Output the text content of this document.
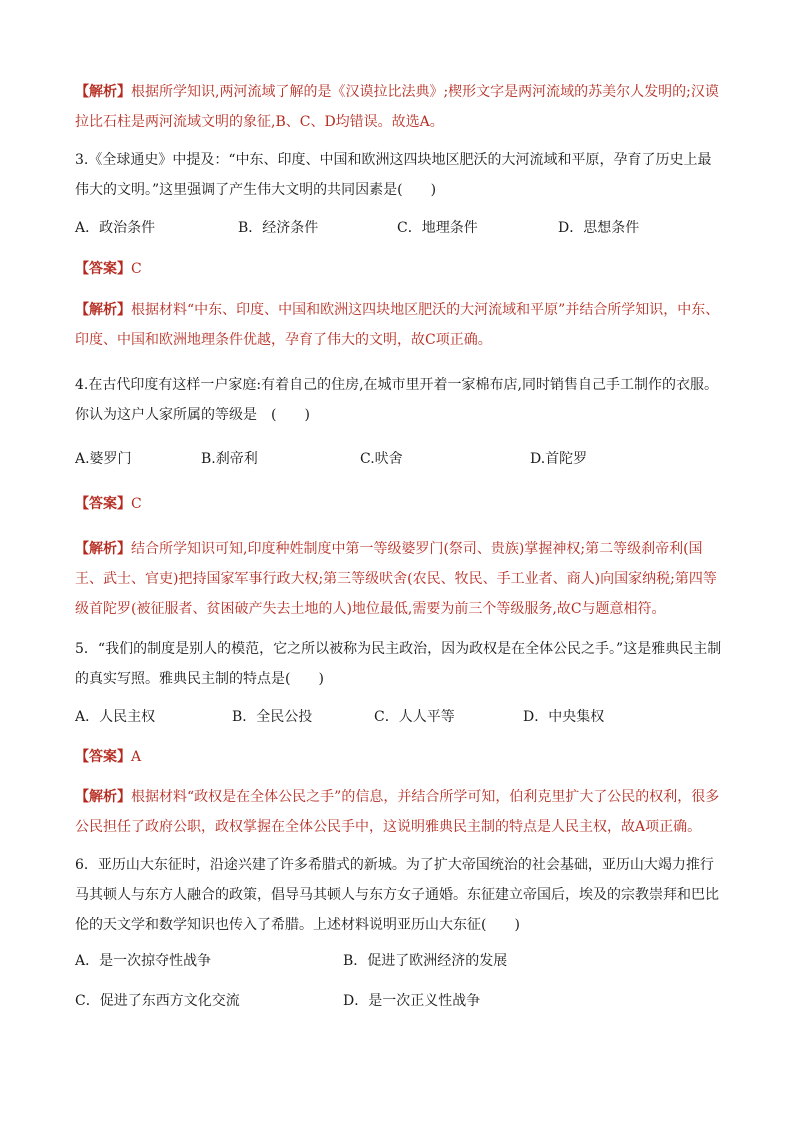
【解析】根据所学知识,两河流域了解的是《汉谟拉比法典》;楔形文字是两河流域的苏美尔人发明的;汉谟拉比石柱是两河流域文明的象征,B、C、D均错误。故选A。

3.《全球通史》中提及：“中东、印度、中国和欧洲这四块地区肥沃的大河流域和平原，孕育了历史上最伟大的文明。”这里强调了产生伟大文明的共同因素是(　　)

A．政治条件	B．经济条件	C．地理条件	D．思想条件

【答案】C

【解析】根据材料“中东、印度、中国和欧洲这四块地区肥沃的大河流域和平原”并结合所学知识，中东、印度、中国和欧洲地理条件优越，孕育了伟大的文明，故C项正确。

4.在古代印度有这样一户家庭:有着自己的住房,在城市里开着一家棉布店,同时销售自己手工制作的衣服。你认为这户人家所属的等级是　(　　)

A.婆罗门	B.刹帝利	C.吠舍	D.首陀罗

【答案】C

【解析】结合所学知识可知,印度种姓制度中第一等级婆罗门(祭司、贵族)掌握神权;第二等级刹帝利(国王、武士、官吏)把持国家军事行政大权;第三等级吠舍(农民、牧民、手工业者、商人)向国家纳税;第四等级首陀罗(被征服者、贫困破产失去土地的人)地位最低,需要为前三个等级服务,故C与题意相符。

5．“我们的制度是别人的模范，它之所以被称为民主政治，因为政权是在全体公民之手。”这是雅典民主制的真实写照。雅典民主制的特点是(　　)

A．人民主权	B．全民公投	C．人人平等	D．中央集权

【答案】A

【解析】根据材料“政权是在全体公民之手”的信息，并结合所学可知，伯利克里扩大了公民的权利，很多公民担任了政府公职，政权掌握在全体公民手中，这说明雅典民主制的特点是人民主权，故A项正确。

6．亚历山大东征时，沿途兴建了许多希腊式的新城。为了扩大帝国统治的社会基础，亚历山大竭力推行马其顿人与东方人融合的政策，倡导马其顿人与东方女子通婚。东征建立帝国后，埃及的宗教崇拜和巴比伦的天文学和数学知识也传入了希腊。上述材料说明亚历山大东征(　　)

A．是一次掠夺性战争	B．促进了欧洲经济的发展
C．促进了东西方文化交流	D．是一次正义性战争
